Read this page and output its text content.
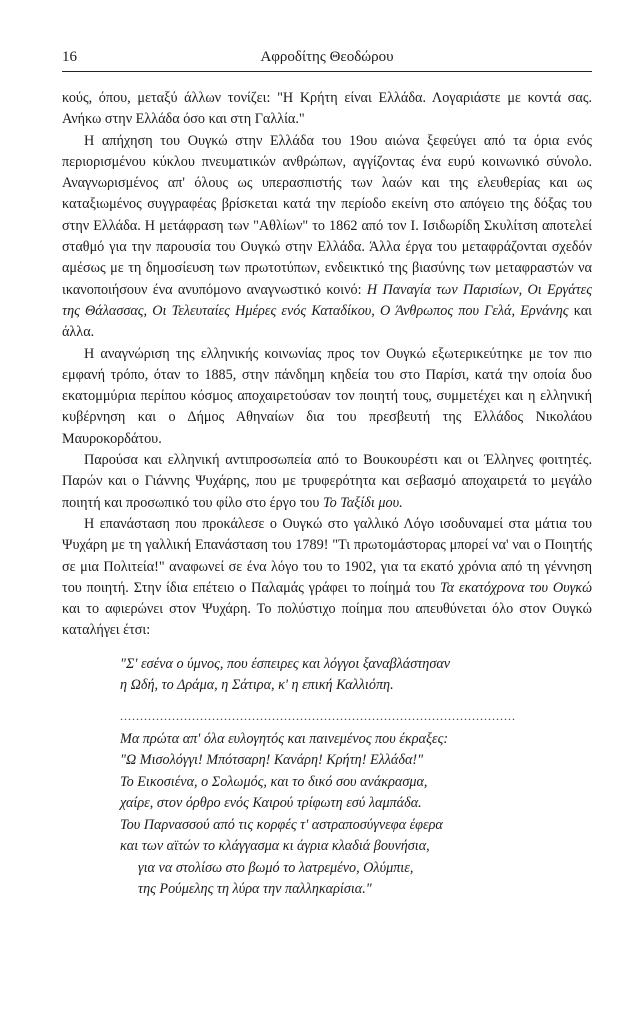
16	Αφροδίτης Θεοδώρου

κούς, όπου, μεταξύ άλλων τονίζει: "Η Κρήτη είναι Ελλάδα. Λογαριάστε με κοντά σας. Ανήκω στην Ελλάδα όσο και στη Γαλλία."

Η απήχηση του Ουγκώ στην Ελλάδα του 19ου αιώνα ξεφεύγει από τα όρια ενός περιορισμένου κύκλου πνευματικών ανθρώπων, αγγίζοντας ένα ευρύ κοινωνικό σύνολο. Αναγνωρισμένος απ' όλους ως υπερασπιστής των λαών και της ελευθερίας και ως καταξιωμένος συγγραφέας βρίσκεται κατά την περίοδο εκείνη στο απόγειο της δόξας του στην Ελλάδα. Η μετάφραση των "Αθλίων" το 1862 από τον Ι. Ισιδωρίδη Σκυλίτση αποτελεί σταθμό για την παρουσία του Ουγκώ στην Ελλάδα. Άλλα έργα του μεταφράζονται σχεδόν αμέσως με τη δημοσίευση των πρωτοτύπων, ενδεικτικό της βιασύνης των μεταφραστών να ικανοποιήσουν ένα ανυπόμονο αναγνωστικό κοινό: Η Παναγία των Παρισίων, Οι Εργάτες της Θάλασσας, Οι Τελευταίες Ημέρες ενός Καταδίκου, Ο Άνθρωπος που Γελά, Ερνάνης και άλλα.

Η αναγνώριση της ελληνικής κοινωνίας προς τον Ουγκώ εξωτερικεύτηκε με τον πιο εμφανή τρόπο, όταν το 1885, στην πάνδημη κηδεία του στο Παρίσι, κατά την οποία δυο εκατομμύρια περίπου κόσμος αποχαιρετούσαν τον ποιητή τους, συμμετέχει και η ελληνική κυβέρνηση και ο Δήμος Αθηναίων δια του πρεσβευτή της Ελλάδος Νικολάου Μαυροκορδάτου.

Παρούσα και ελληνική αντιπροσωπεία από το Βουκουρέστι και οι Έλληνες φοιτητές. Παρών και ο Γιάννης Ψυχάρης, που με τρυφερότητα και σεβασμό αποχαιρετά το μεγάλο ποιητή και προσωπικό του φίλο στο έργο του Το Ταξίδι μου.

Η επανάσταση που προκάλεσε ο Ουγκώ στο γαλλικό Λόγο ισοδυναμεί στα μάτια του Ψυχάρη με τη γαλλική Επανάσταση του 1789! "Τι πρωτομάστορας μπορεί να' ναι ο Ποιητής σε μια Πολιτεία!" αναφωνεί σε ένα λόγο του το 1902, για τα εκατό χρόνια από τη γέννηση του ποιητή. Στην ίδια επέτειο ο Παλαμάς γράφει το ποίημά του Τα εκατόχρονα του Ουγκώ και το αφιερώνει στον Ψυχάρη. Το πολύστιχο ποίημα που απευθύνεται όλο στον Ουγκώ καταλήγει έτσι:

"Σ' εσένα ο ύμνος, που έσπειρες και λόγγοι ξαναβλάστησαν
η Ωδή, το Δράμα, η Σάτιρα, κ' η επική Καλλιόπη.
...................................................................................................
Μα πρώτα απ' όλα ευλογητός και παινεμένος που έκραξες:
"Ω Μισολόγγι! Μπότσαρη! Κανάρη! Κρήτη! Ελλάδα!"
Το Εικοσιένα, ο Σολωμός, και το δικό σου ανάκρασμα,
χαίρε, στον όρθρο ενός Καιρού τρίφωτη εσύ λαμπάδα.
Του Παρνασσού από τις κορφές τ' αστραποσύγνεφα έφερα
και των αϊτών το κλάγγασμα κι άγρια κλαδιά βουνήσια,
για να στολίσω στο βωμό το λατρεμένο, Ολύμπιε,
της Ρούμελης τη λύρα την παλληκαρίσια."
